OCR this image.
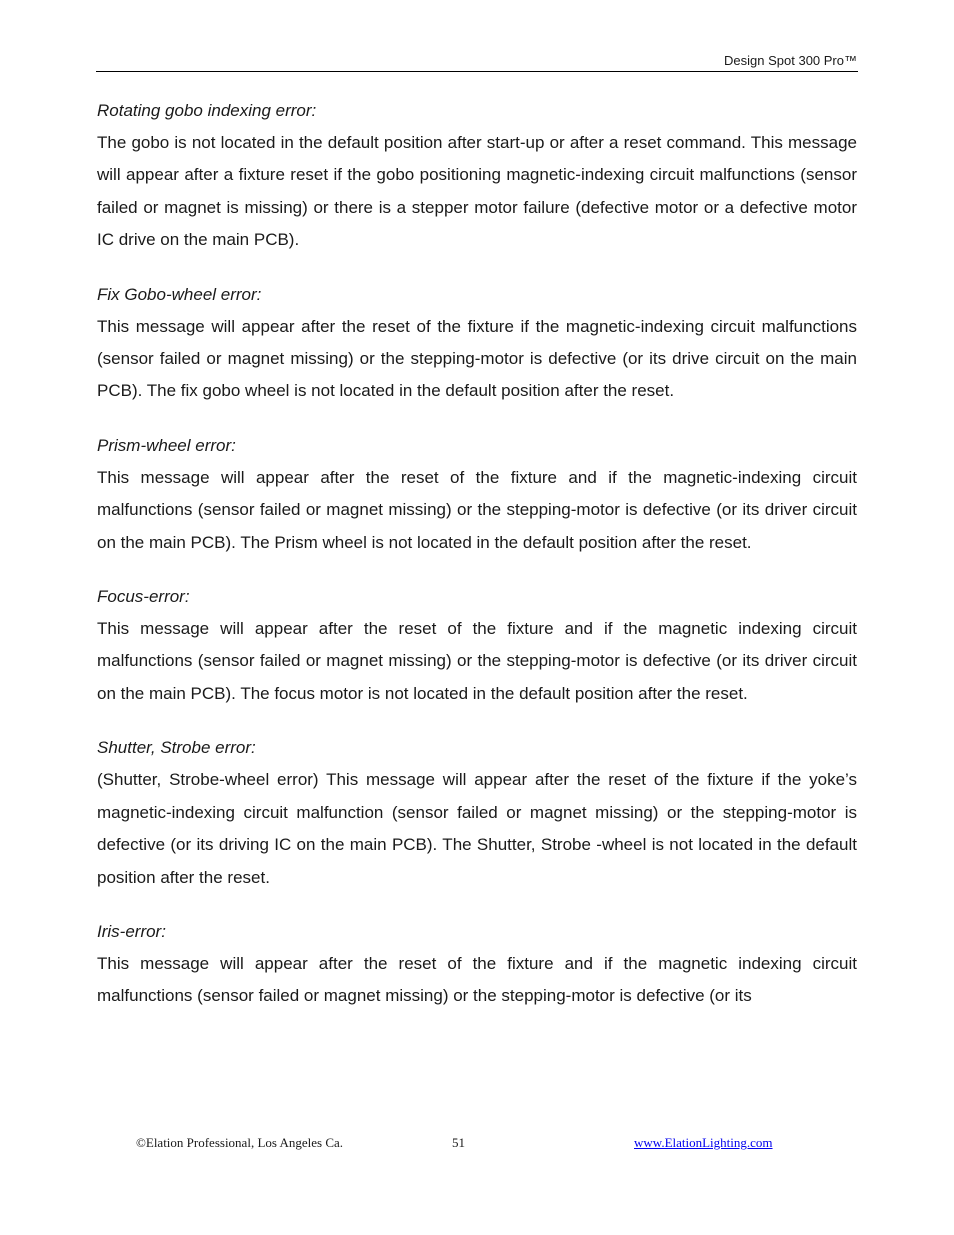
Design Spot 300 Pro™

Rotating gobo indexing error:

The gobo is not located in the default position after start-up or after a reset command. This message will appear after a fixture reset if the gobo positioning magnetic-indexing circuit malfunctions (sensor failed or magnet is missing) or there is a stepper motor failure (defective motor or a defective motor IC drive on the main PCB).

Fix Gobo-wheel error:

This message will appear after the reset of the fixture if the magnetic-indexing circuit malfunctions (sensor failed or magnet missing) or the stepping-motor is defective (or its drive circuit on the main PCB). The fix gobo wheel is not located in the default position after the reset.

Prism-wheel error:

This message will appear after the reset of the fixture and if the magnetic-indexing circuit malfunctions (sensor failed or magnet missing) or the stepping-motor is defective (or its driver circuit on the main PCB). The Prism wheel is not located in the default position after the reset.

Focus-error:

This message will appear after the reset of the fixture and if the magnetic indexing circuit malfunctions (sensor failed or magnet missing) or the stepping-motor is defective (or its driver circuit on the main PCB). The focus motor is not located in the default position after the reset.

Shutter, Strobe error:

(Shutter, Strobe-wheel error) This message will appear after the reset of the fixture if the yoke’s magnetic-indexing circuit malfunction (sensor failed or magnet missing) or the stepping-motor is defective (or its driving IC on the main PCB). The Shutter, Strobe -wheel is not located in the default position after the reset.

Iris-error:

This message will appear after the reset of the fixture and if the magnetic indexing circuit malfunctions (sensor failed or magnet missing) or the stepping-motor is defective (or its

©Elation Professional, Los Angeles Ca.	51	www.ElationLighting.com
